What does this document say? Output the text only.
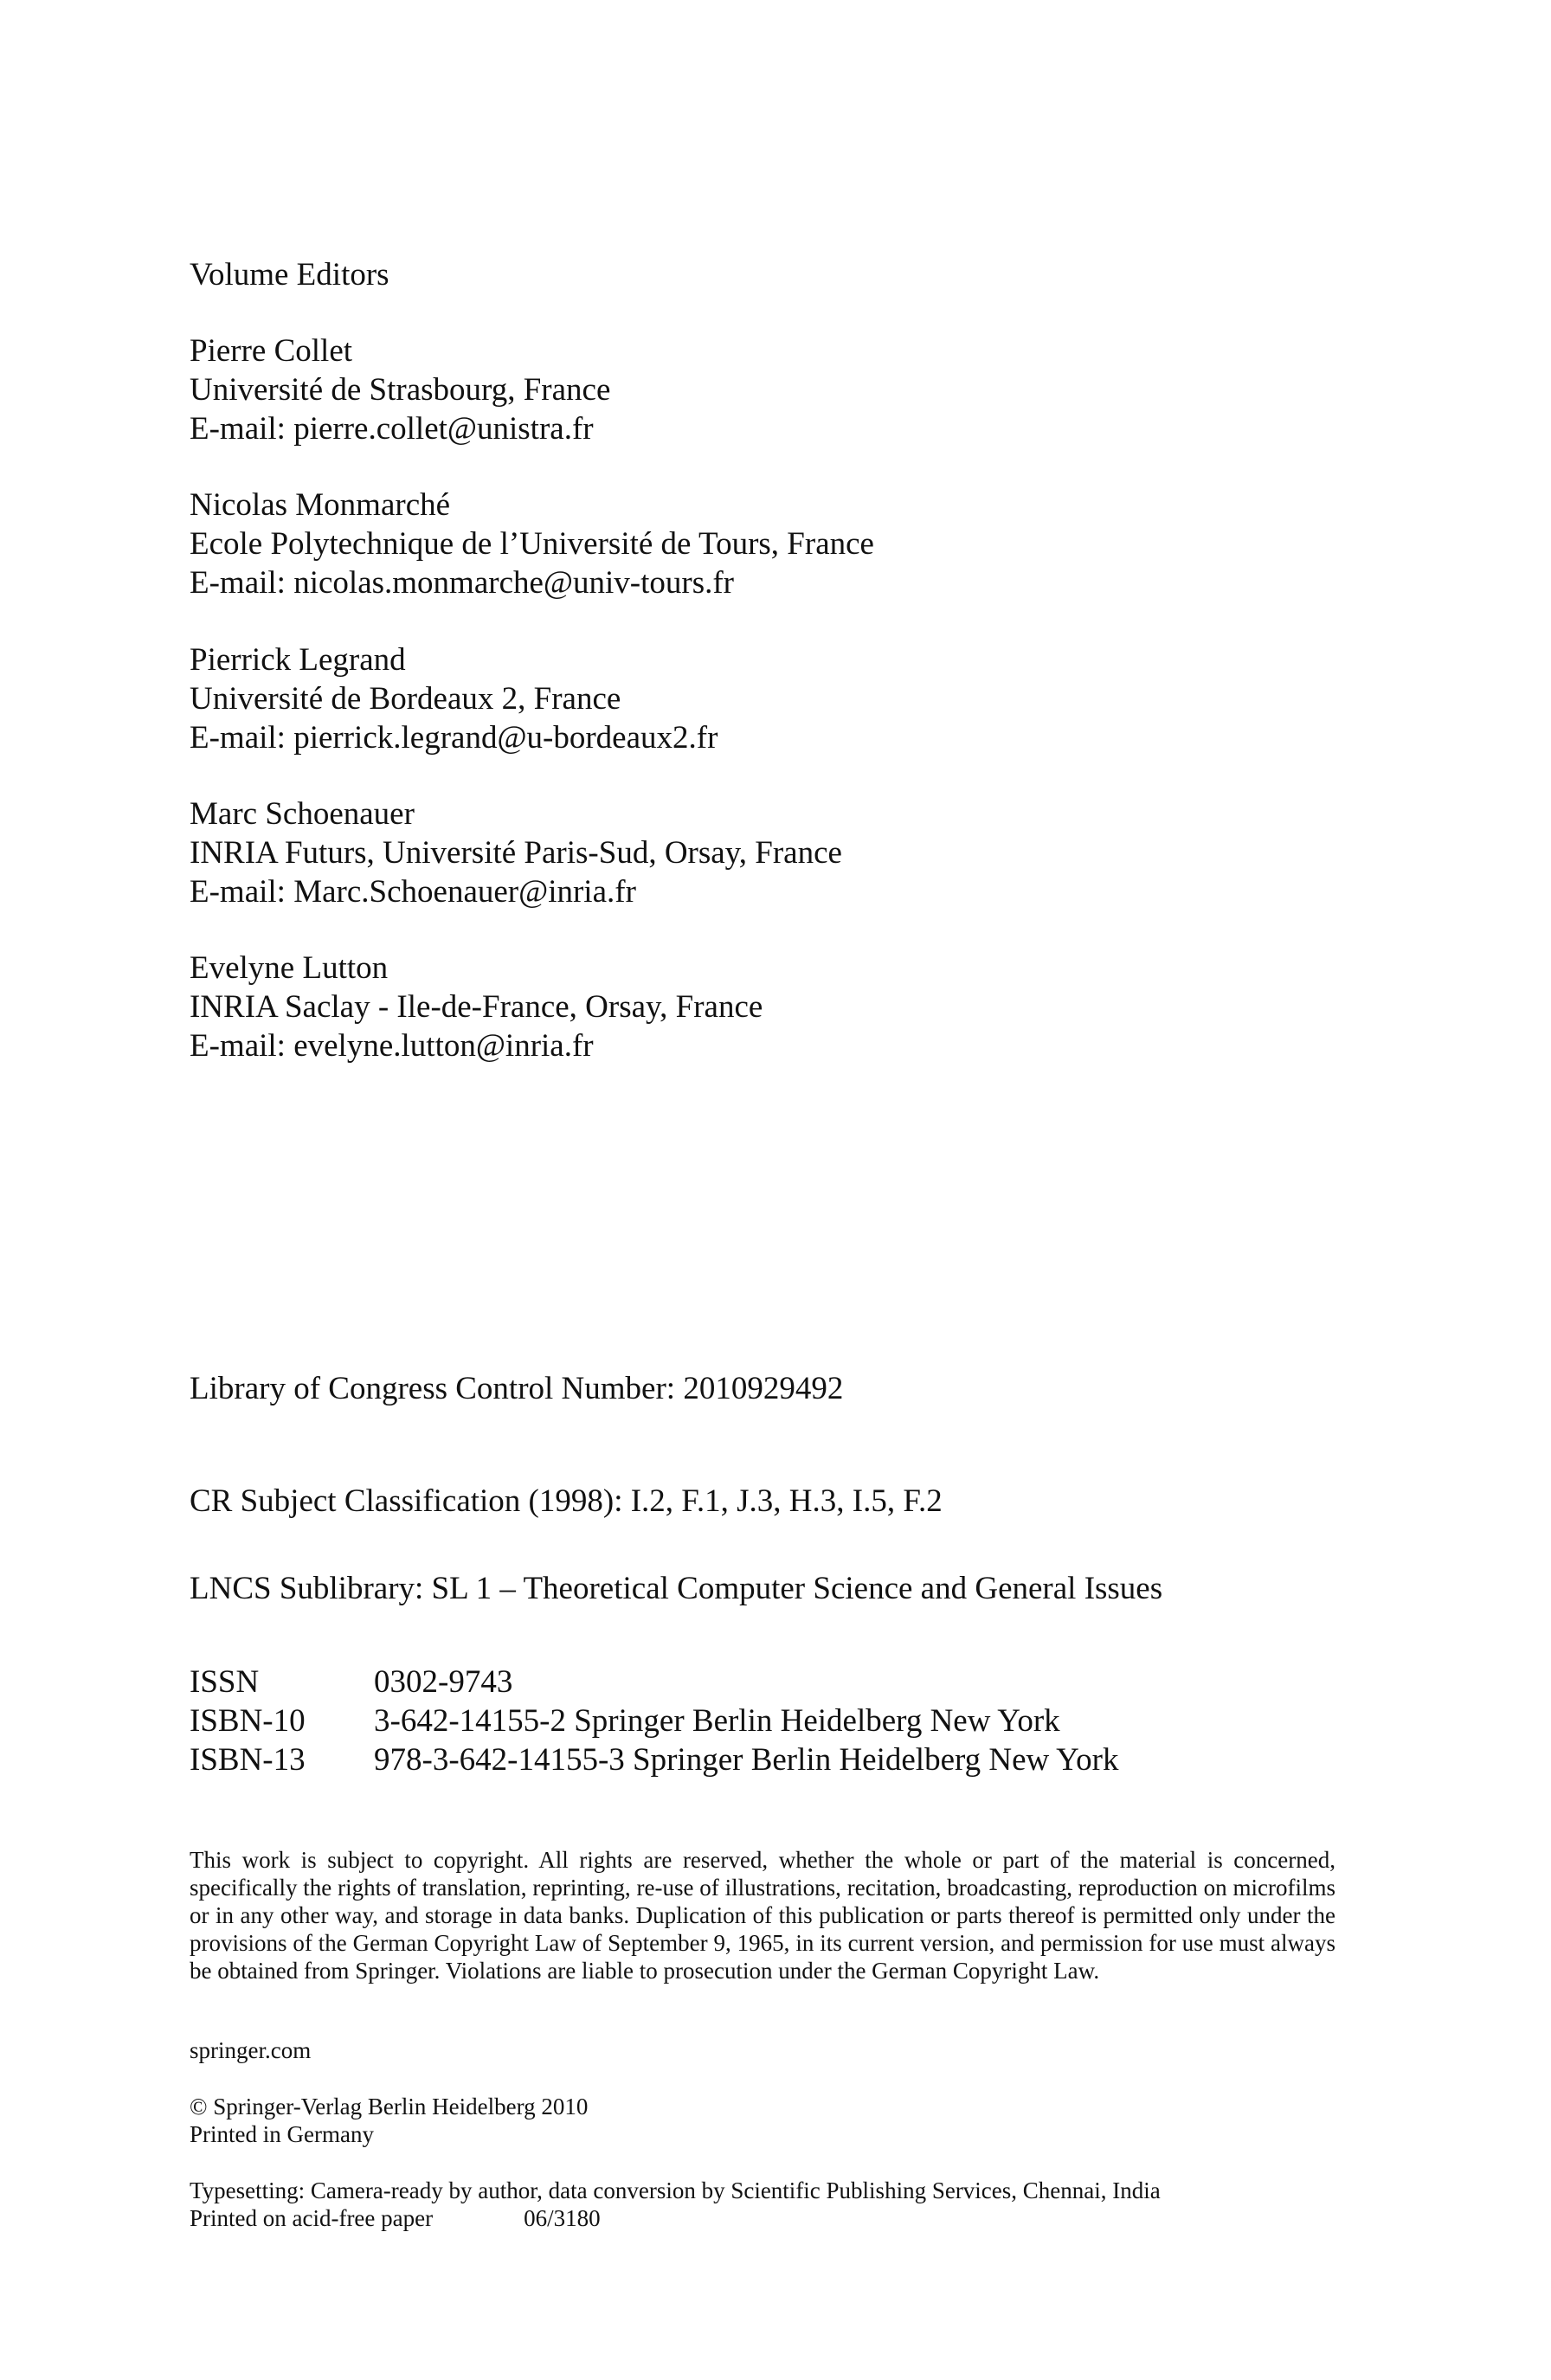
Volume Editors
Pierre Collet
Université de Strasbourg, France
E-mail: pierre.collet@unistra.fr
Nicolas Monmarché
Ecole Polytechnique de l’Université de Tours, France
E-mail: nicolas.monmarche@univ-tours.fr
Pierrick Legrand
Université de Bordeaux 2, France
E-mail: pierrick.legrand@u-bordeaux2.fr
Marc Schoenauer
INRIA Futurs, Université Paris-Sud, Orsay, France
E-mail: Marc.Schoenauer@inria.fr
Evelyne Lutton
INRIA Saclay - Ile-de-France, Orsay, France
E-mail: evelyne.lutton@inria.fr
Library of Congress Control Number: 2010929492
CR Subject Classification (1998): I.2, F.1, J.3, H.3, I.5, F.2
LNCS Sublibrary: SL 1 – Theoretical Computer Science and General Issues
ISSN	0302-9743
ISBN-10	3-642-14155-2 Springer Berlin Heidelberg New York
ISBN-13	978-3-642-14155-3 Springer Berlin Heidelberg New York
This work is subject to copyright. All rights are reserved, whether the whole or part of the material is concerned, specifically the rights of translation, reprinting, re-use of illustrations, recitation, broadcasting, reproduction on microfilms or in any other way, and storage in data banks. Duplication of this publication or parts thereof is permitted only under the provisions of the German Copyright Law of September 9, 1965, in its current version, and permission for use must always be obtained from Springer. Violations are liable to prosecution under the German Copyright Law.
springer.com
© Springer-Verlag Berlin Heidelberg 2010
Printed in Germany
Typesetting: Camera-ready by author, data conversion by Scientific Publishing Services, Chennai, India
Printed on acid-free paper	06/3180
